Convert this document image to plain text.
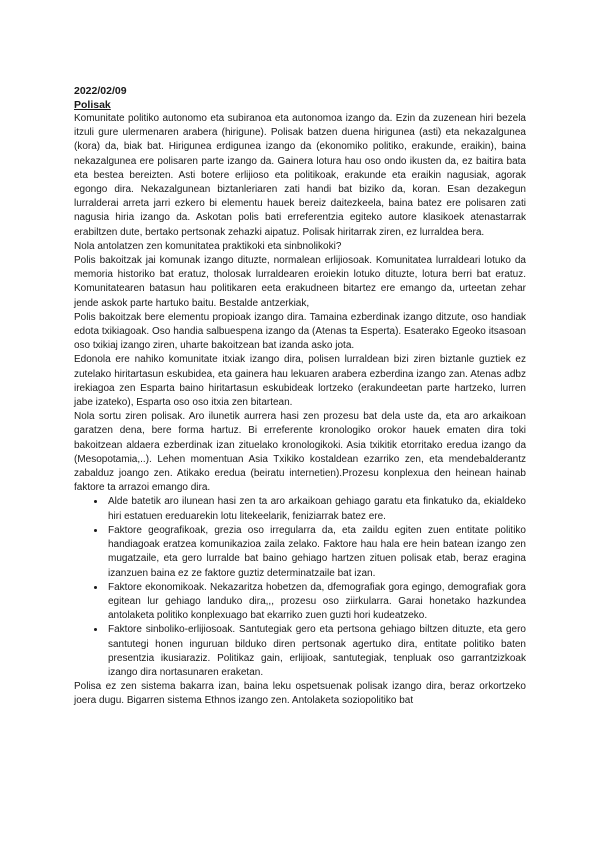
2022/02/09
Polisak

Komunitate politiko autonomo eta subiranoa eta autonomoa izango da. Ezin da zuzenean hiri bezela itzuli gure ulermenaren arabera (hirigune). Polisak batzen duena hirigunea (asti) eta nekazalgunea (kora) da, biak bat. Hirigunea erdigunea izango da (ekonomiko politiko, erakunde, eraikin), baina nekazalgunea ere polisaren parte izango da. Gainera lotura hau oso ondo ikusten da, ez baitira bata eta bestea bereizten. Asti botere erlijioso eta politikoak, erakunde eta eraikin nagusiak, agorak egongo dira. Nekazalgunean biztanleriaren zati handi bat biziko da, koran. Esan dezakegun lurralderai arreta jarri ezkero bi elementu hauek bereiz daitezkeela, baina batez ere polisaren zati nagusia hiria izango da. Askotan polis bati erreferentzia egiteko autore klasikoek atenastarrak erabiltzen dute, bertako pertsonak zehazki aipatuz. Polisak hiritarrak ziren, ez lurraldea bera.

Nola antolatzen zen komunitatea praktikoki eta sinbnolikoki?

Polis bakoitzak jai komunak izango dituzte, normalean erlijiosoak. Komunitatea lurraldeari lotuko da memoria historiko bat eratuz, tholosak lurraldearen eroiekin lotuko dituzte, lotura berri bat eratuz. Komunitatearen batasun hau politikaren eeta erakudneen bitartez ere emango da, urteetan zehar jende askok parte hartuko baitu. Bestalde antzerkiak,

Polis bakoitzak bere elementu propioak izango dira. Tamaina ezberdinak izango ditzute, oso handiak edota txikiagoak. Oso handia salbuespena izango da (Atenas ta Esperta). Esaterako Egeoko itsasoan oso txikiaj izango ziren, uharte bakoitzean bat izanda asko jota.

Edonola ere nahiko komunitate itxiak izango dira, polisen lurraldean bizi ziren biztanle guztiek ez zutelako hiritartasun eskubidea, eta gainera hau lekuaren arabera ezberdina izango zan. Atenas adbz irekiagoa zen Esparta baino hiritartasun eskubideak lortzeko (erakundeetan parte hartzeko, lurren jabe izateko), Esparta oso oso itxia zen bitartean.

Nola sortu ziren polisak. Aro ilunetik aurrera hasi zen prozesu bat dela uste da, eta aro arkaikoan garatzen dena, bere forma hartuz. Bi erreferente kronologiko orokor hauek ematen dira toki bakoitzean aldaera ezberdinak izan zituelako kronologikoki. Asia txikitik etorritako eredua izango da (Mesopotamia,..). Lehen momentuan Asia Txikiko kostaldean ezarriko zen, eta mendebalderantz zabalduz joango zen. Atikako eredua (beiratu internetien).Prozesu konplexua den heinean hainab faktore ta arrazoi emango dira.

• Alde batetik aro ilunean hasi zen ta aro arkaikoan gehiago garatu eta finkatuko da, ekialdeko hiri estatuen ereduarekin lotu litekeelarik, feniziarrak batez ere.
• Faktore geografikoak, grezia oso irregularra da, eta zaildu egiten zuen entitate politiko handiagoak eratzea komunikazioa zaila zelako. Faktore hau hala ere hein batean izango zen mugatzaile, eta gero lurralde bat baino gehiago hartzen zituen polisak etab, beraz eragina izanzuen baina ez ze faktore guztiz determinatzaile bat izan.
• Faktore ekonomikoak. Nekazaritza hobetzen da, dfemografiak gora egingo, demografiak gora egitean lur gehiago landuko dira,,, prozesu oso ziirkularra. Garai honetako hazkundea antolaketa politiko konplexuago bat ekarriko zuen guzti hori kudeatzeko.
• Faktore sinboliko-erlijiosoak. Santutegiak gero eta pertsona gehiago biltzen dituzte, eta gero santutegi honen inguruan bilduko diren pertsonak agertuko dira, entitate politiko baten presentzia ikusiaraziz. Politikaz gain, erlijioak, santutegiak, tenpluak oso garrantzizkoak izango dira nortasunaren eraketan.

Polisa ez zen sistema bakarra izan, baina leku ospetsuenak polisak izango dira, beraz orkortzeko joera dugu. Bigarren sistema Ethnos izango zen. Antolaketa soziopolitiko bat
